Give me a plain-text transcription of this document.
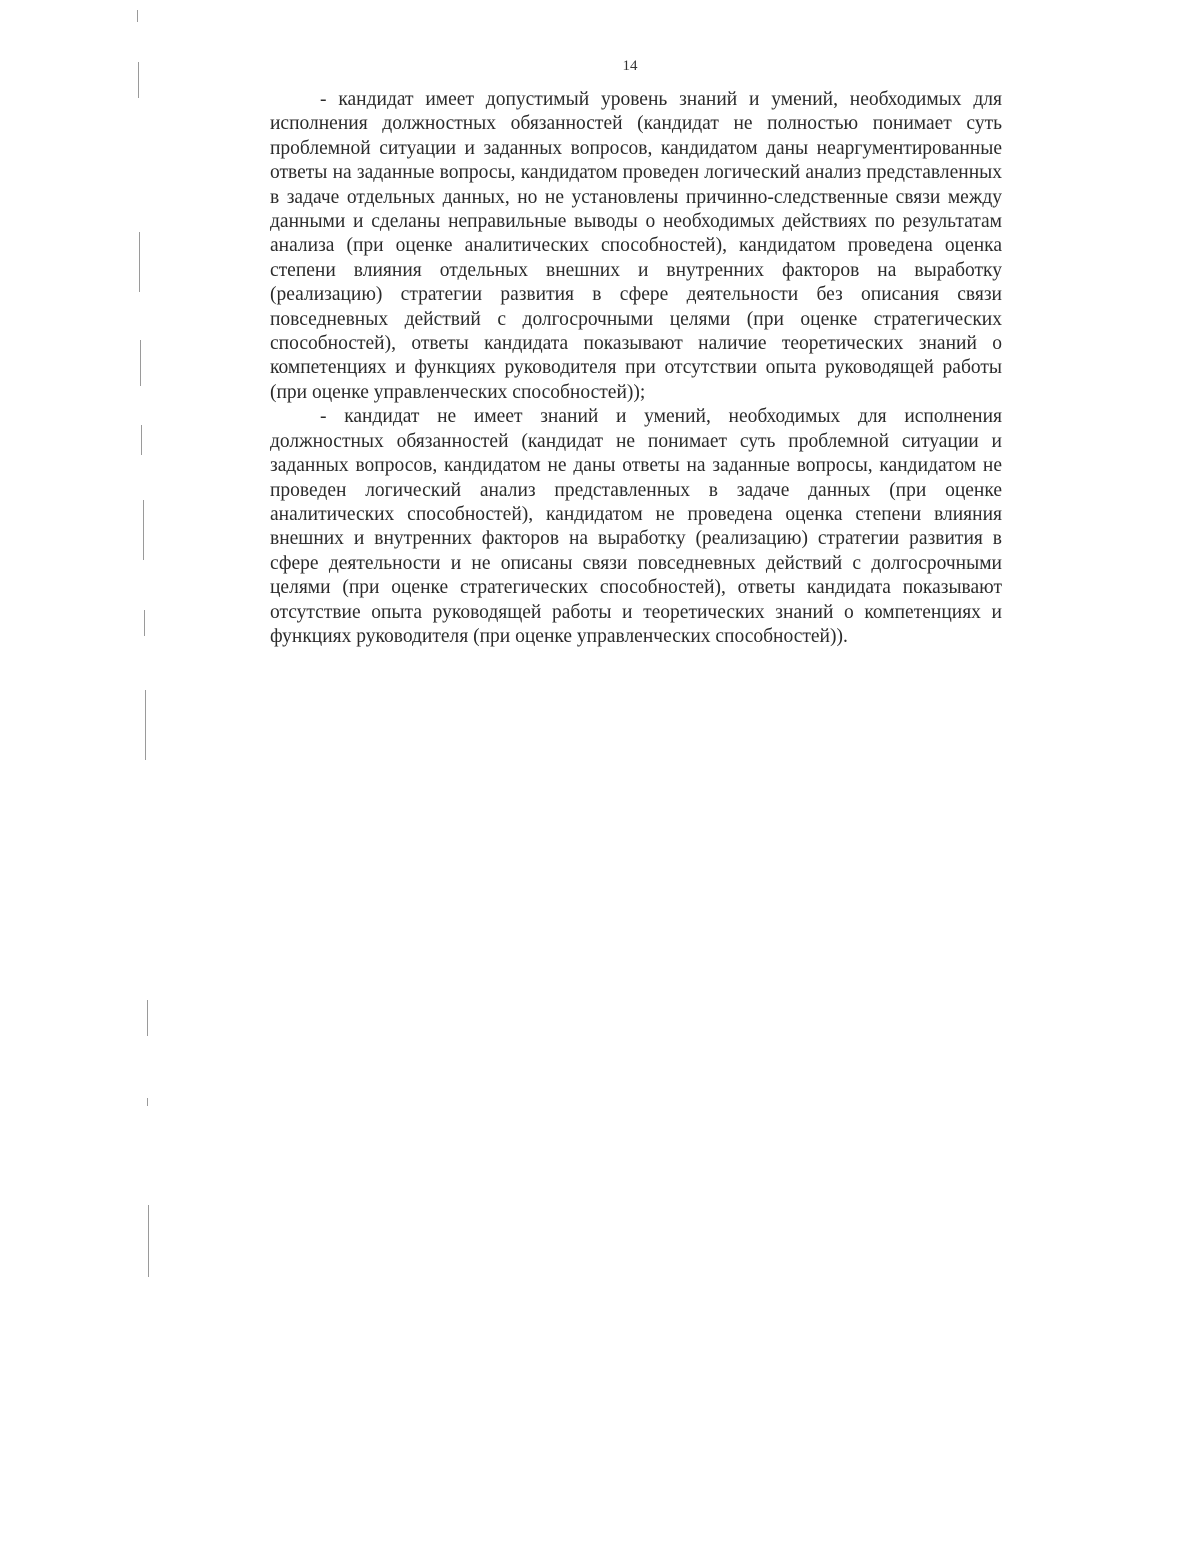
14

- кандидат имеет допустимый уровень знаний и умений, необходимых для исполнения должностных обязанностей (кандидат не полностью понимает суть проблемной ситуации и заданных вопросов, кандидатом даны неаргументированные ответы на заданные вопросы, кандидатом проведен логический анализ представленных в задаче отдельных данных, но не установлены причинно-следственные связи между данными и сделаны неправильные выводы о необходимых действиях по результатам анализа (при оценке аналитических способностей), кандидатом проведена оценка степени влияния отдельных внешних и внутренних факторов на выработку (реализацию) стратегии развития в сфере деятельности без описания связи повседневных действий с долгосрочными целями (при оценке стратегических способностей), ответы кандидата показывают наличие теоретических знаний о компетенциях и функциях руководителя при отсутствии опыта руководящей работы (при оценке управленческих способностей));

- кандидат не имеет знаний и умений, необходимых для исполнения должностных обязанностей (кандидат не понимает суть проблемной ситуации и заданных вопросов, кандидатом не даны ответы на заданные вопросы, кандидатом не проведен логический анализ представленных в задаче данных (при оценке аналитических способностей), кандидатом не проведена оценка степени влияния внешних и внутренних факторов на выработку (реализацию) стратегии развития в сфере деятельности и не описаны связи повседневных действий с долгосрочными целями (при оценке стратегических способностей), ответы кандидата показывают отсутствие опыта руководящей работы и теоретических знаний о компетенциях и функциях руководителя (при оценке управленческих способностей)).
